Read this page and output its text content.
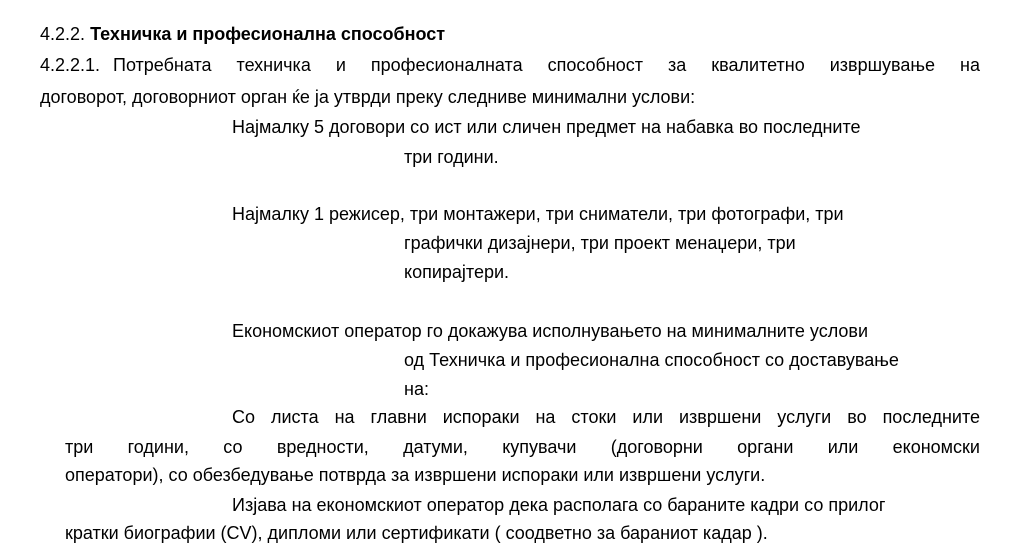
4.2.2. Техничка и професионална способност
4.2.2.1. Потребната техничка и професионалната способност за квалитетно извршување на
договорот, договорниот орган ќе ја утврди преку следниве минимални услови:
Најмалку 5 договори со ист или сличен предмет на набавка во последните
три години.
Најмалку 1 режисер, три монтажери, три сниматели, три фотографи, три
графички дизајнери, три проект менаџери, три
копирајтери.
Економскиот оператор го докажува исполнувањето на минималните услови
од Техничка и професионална способност со доставување
на:
Со листа на главни испораки на стоки или извршени услуги во последните
три години, со вредности, датуми, купувачи (договорни органи или економски
оператори), со обезбедување потврда за извршени испораки или извршени услуги.
Изјава на економскиот оператор дека располага со бараните кадри со прилог
кратки биографии (CV), дипломи или сертификати ( соодветно за бараниот кадар ).
